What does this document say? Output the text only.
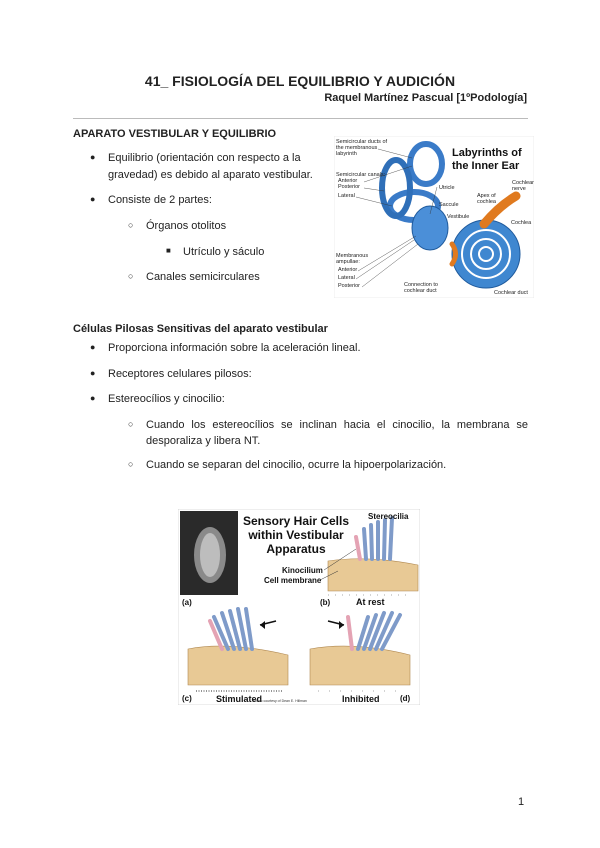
41_ FISIOLOGÍA DEL EQUILIBRIO Y AUDICIÓN
Raquel Martínez Pascual [1ºPodología]
APARATO VESTIBULAR Y EQUILIBRIO
● Equilibrio (orientación con respecto a la
gravedad) es debido al aparato vestibular.
● Consiste de 2 partes:
○ Órganos otolitos
■ Utrículo y sáculo
○ Canales semicirculares
Labyrinths of
the Inner Ear
Semicircular ducts of
the membranous
labyrinth
Semicircular canals:
Anterior
Posterior
Lateral
Membranous
ampullae:
Anterior
Lateral
Posterior
Utricle
Saccule
Vestibule
Apex of
cochlea
Cochlear
nerve
Cochlea
Connection to
cochlear duct	Cochlear duct
Células Pilosas Sensitivas del aparato vestibular
● Proporciona información sobre la aceleración lineal.
● Receptores celulares pilosos:
● Estereocílios y cinocilio:
○ Cuando los estereocílios se inclinan hacia el cinocilio, la membrana se
desporaliza y libera NT.
○ Cuando se separan del cinocilio, ocurre la hipoerpolarización.
Sensory Hair Cells
within Vestibular
Apparatus
Stereocilia
Kinocilium
Cell membrane
(a)	(b)	At rest
(c)	Stimulated
*Photo courtesy of Dean E. Hillman	Inhibited	(d)
1
